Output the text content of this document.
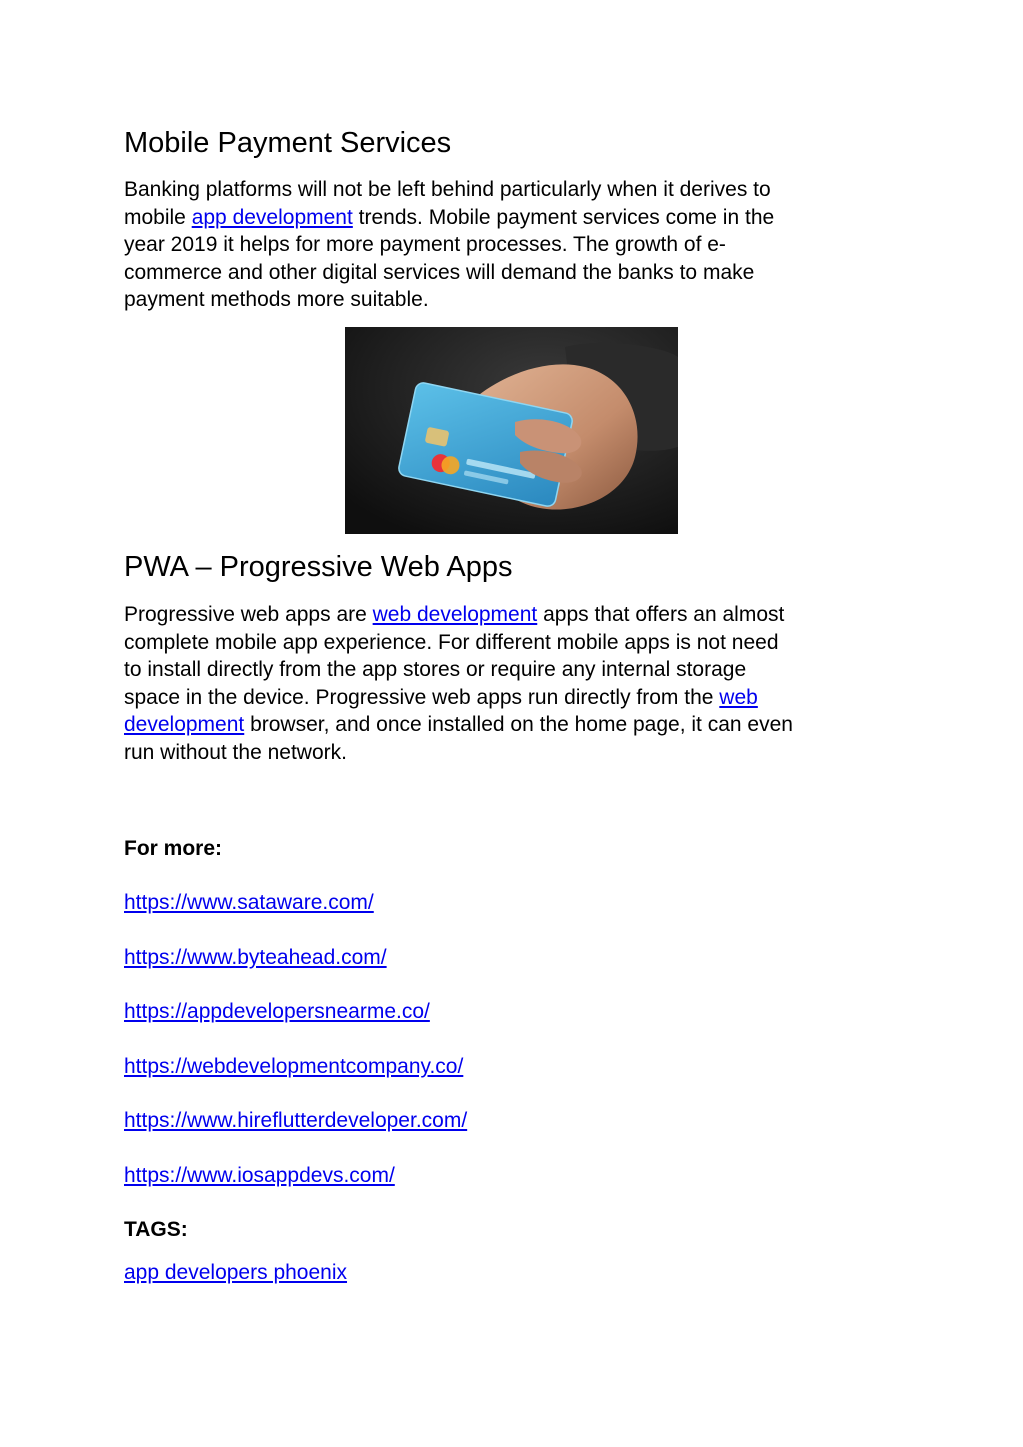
Mobile Payment Services

Banking platforms will not be left behind particularly when it derives to
mobile app development trends. Mobile payment services come in the
year 2019 it helps for more payment processes. The growth of e-
commerce and other digital services will demand the banks to make
payment methods more suitable.

PWA – Progressive Web Apps

Progressive web apps are web development apps that offers an almost
complete mobile app experience. For different mobile apps is not need
to install directly from the app stores or require any internal storage
space in the device. Progressive web apps run directly from the web
development browser, and once installed on the home page, it can even
run without the network.

For more:

https://www.sataware.com/
https://www.byteahead.com/
https://appdevelopersnearme.co/
https://webdevelopmentcompany.co/
https://www.hireflutterdeveloper.com/
https://www.iosappdevs.com/

TAGS:

app developers phoenix
